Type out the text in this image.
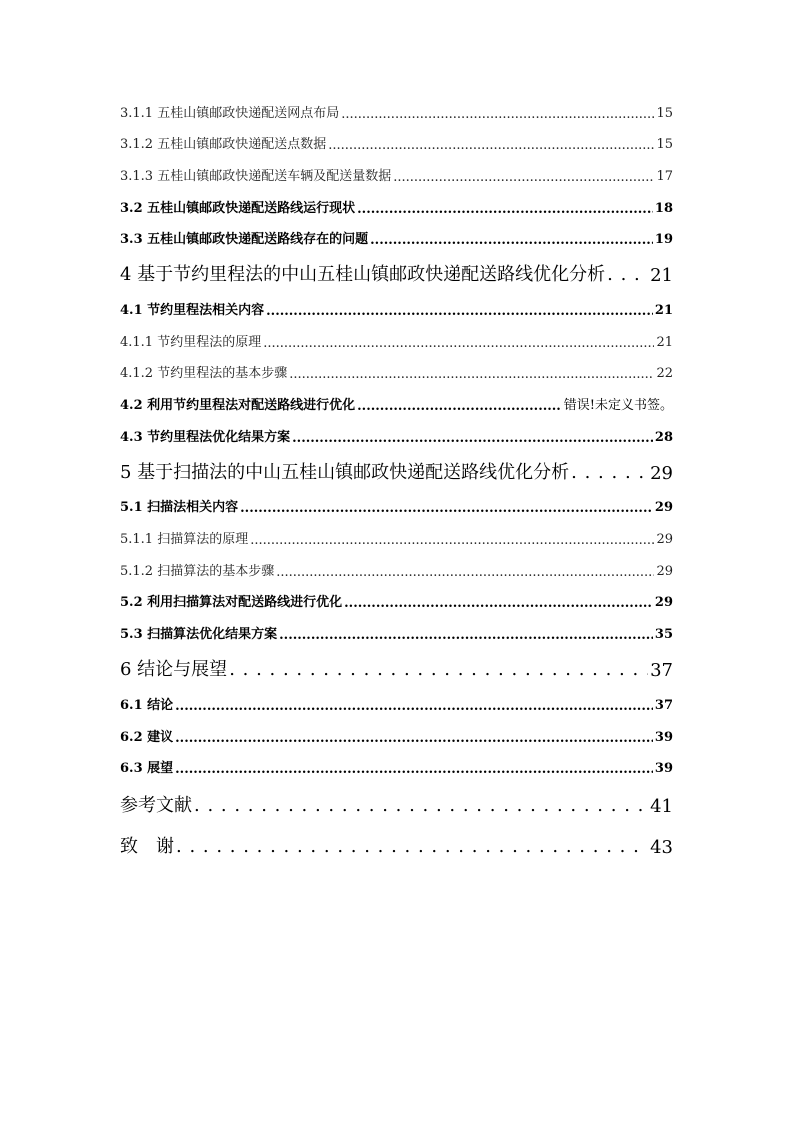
3.1.1 五桂山镇邮政快递配送网点布局 .....	15
3.1.2 五桂山镇邮政快递配送点数据 .....	15
3.1.3 五桂山镇邮政快递配送车辆及配送量数据 .....	17
3.2 五桂山镇邮政快递配送路线运行现状 .....	18
3.3 五桂山镇邮政快递配送路线存在的问题 .....	19
4 基于节约里程法的中山五桂山镇邮政快递配送路线优化分析 . . . 21
4.1 节约里程法相关内容 .....	21
4.1.1 节约里程法的原理 .....	21
4.1.2 节约里程法的基本步骤 .....	22
4.2 利用节约里程法对配送路线进行优化 .....	错误!未定义书签。
4.3 节约里程法优化结果方案 .....	28
5 基于扫描法的中山五桂山镇邮政快递配送路线优化分析 . . .	29
5.1 扫描法相关内容 .....	29
5.1.1 扫描算法的原理 .....	29
5.1.2 扫描算法的基本步骤 .....	29
5.2 利用扫描算法对配送路线进行优化 .....	29
5.3 扫描算法优化结果方案 .....	35
6 结论与展望 . . .	37
6.1 结论 .....	37
6.2 建议 .....	39
6.3 展望 .....	39
参考文献 . . .	41
致　谢 . . .	43
